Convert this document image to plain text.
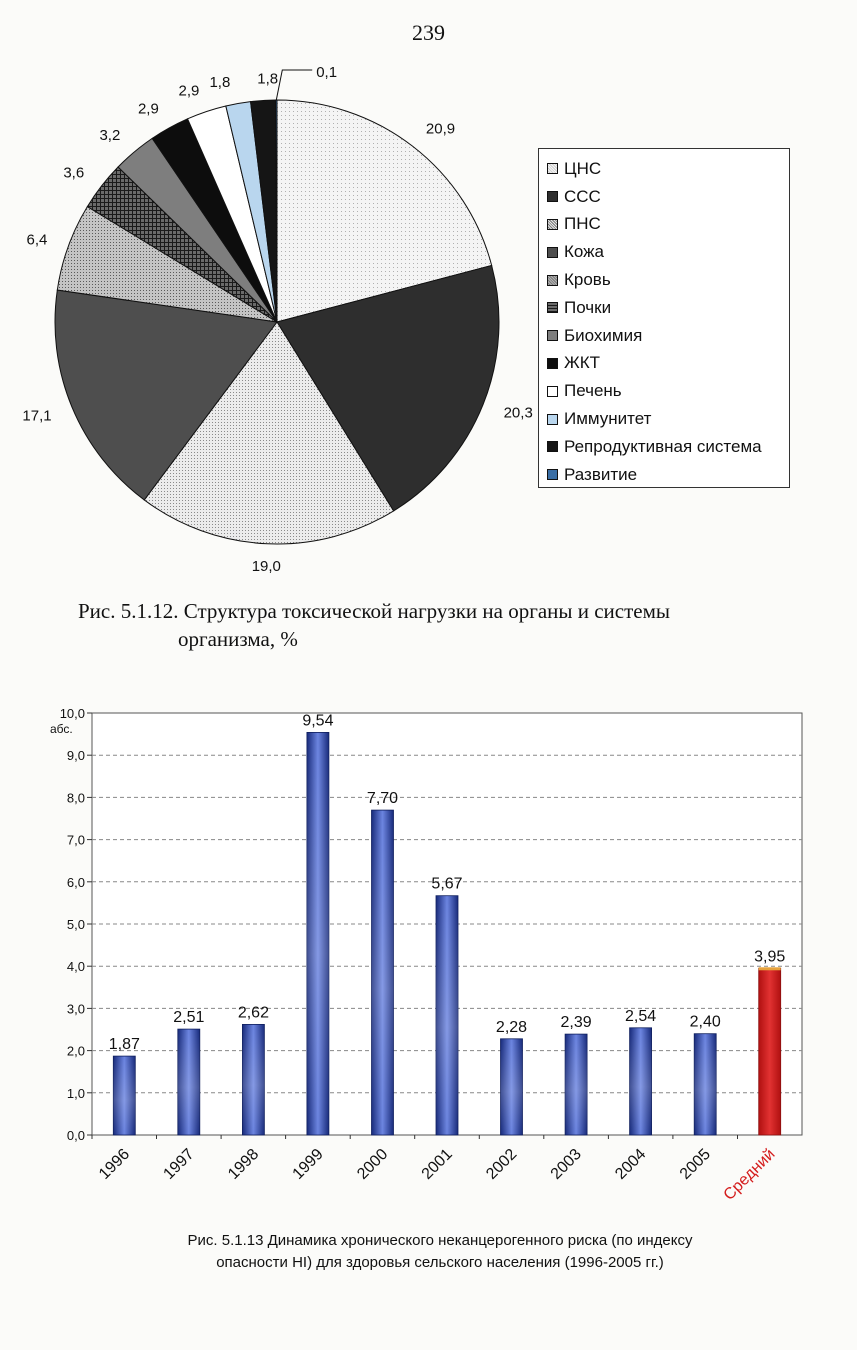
239
20,9
20,3
19,0
17,1
6,4
3,6
3,2
2,9
2,9
1,8 1,8	0,1
ЦНС
ССС
ПНС
Кожа
Кровь
Почки
Биохимия
ЖКТ
Печень
Иммунитет
Репродуктивная система
Развитие
Рис. 5.1.12. Структура токсической нагрузки на органы и системы
организма, %
0,0
1,0
2,0
3,0
4,0
5,0
6,0
7,0
8,0
9,0
10,0
абс.
1,87
1996
2,51
1997
2,62
1998
9,54
1999
7,70
2000
5,67
2001
2,28
2002
2,39
2003
2,54
2004
2,40
2005
3,95
Средний
Рис. 5.1.13 Динамика хронического неканцерогенного риска (по индексу
опасности HI) для здоровья сельского населения (1996-2005 гг.)
